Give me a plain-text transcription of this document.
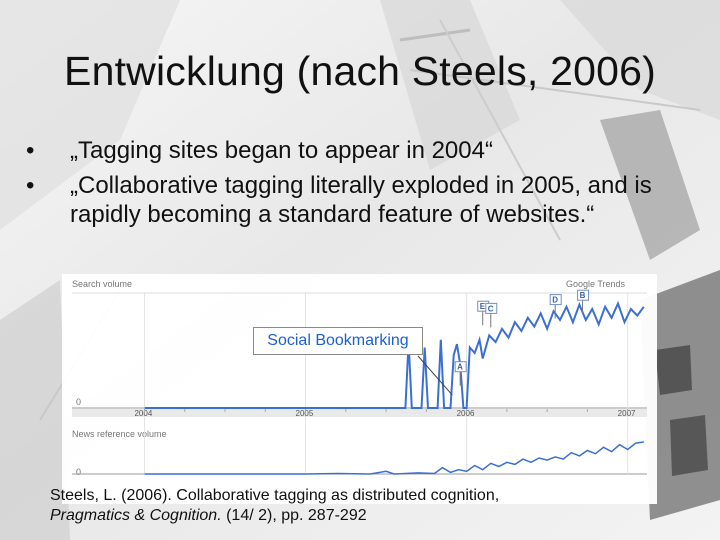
Entwicklung (nach Steels, 2006)
• „Tagging sites began to appear in 2004“
• „Collaborative tagging literally exploded in 2005, and is rapidly becoming a standard feature of websites.“
Search volume	Google Trends
News reference volume
0
0
2004	2005	2006	2007
A
E C
D	B
Social Bookmarking
Steels, L. (2006). Collaborative tagging as distributed cognition,
Pragmatics & Cognition. (14/ 2), pp. 287-292
